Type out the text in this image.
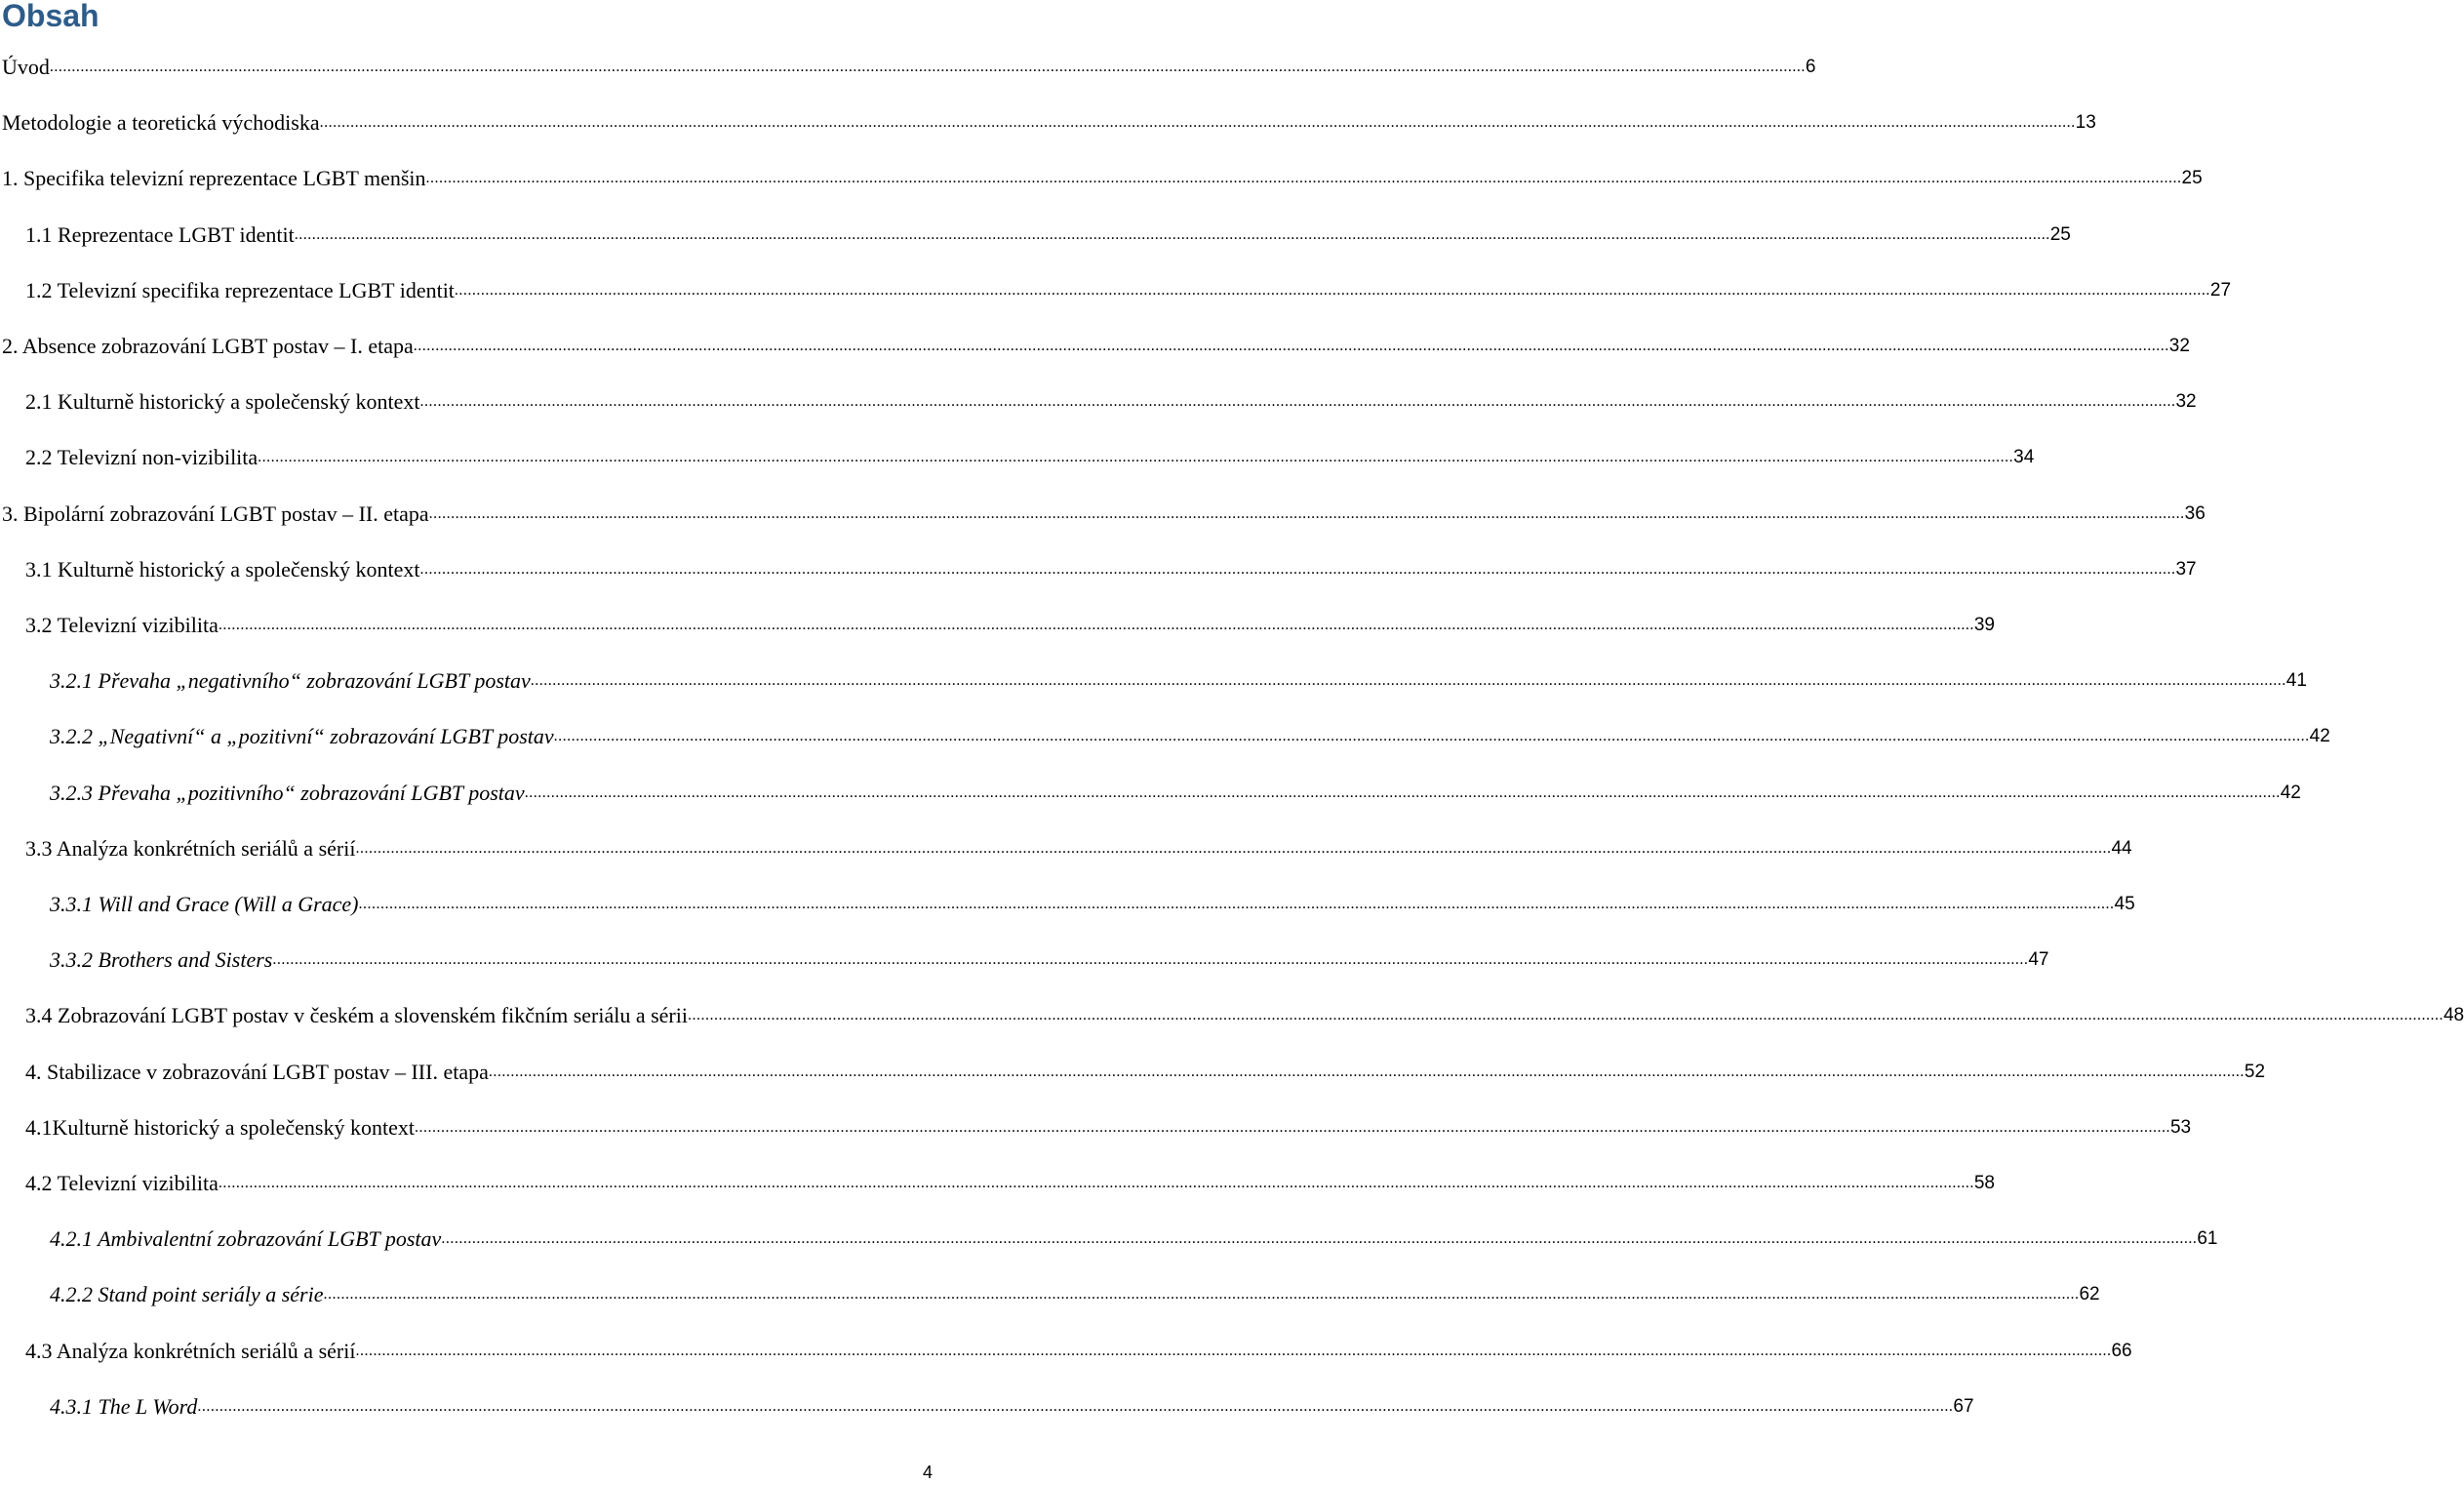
Obsah
Úvod ................................................................................................................................................................................................................................................................................................................................................................................................................ 6
Metodologie a teoretická východiska ................................................................................................................................................................................................................................................................................................................................................................................................................ 13
1. Specifika televizní reprezentace LGBT menšin ................................................................................................................................................................................................................................................................................................................................................................................................................ 25
1.1 Reprezentace LGBT identit ................................................................................................................................................................................................................................................................................................................................................................................................................ 25
1.2 Televizní specifika reprezentace LGBT identit ................................................................................................................................................................................................................................................................................................................................................................................................................ 27
2. Absence zobrazování LGBT postav – I. etapa ................................................................................................................................................................................................................................................................................................................................................................................................................ 32
2.1 Kulturně historický a společenský kontext ................................................................................................................................................................................................................................................................................................................................................................................................................ 32
2.2 Televizní non-vizibilita ................................................................................................................................................................................................................................................................................................................................................................................................................ 34
3. Bipolární zobrazování LGBT postav – II. etapa ................................................................................................................................................................................................................................................................................................................................................................................................................ 36
3.1 Kulturně historický a společenský kontext ................................................................................................................................................................................................................................................................................................................................................................................................................ 37
3.2 Televizní vizibilita ................................................................................................................................................................................................................................................................................................................................................................................................................ 39
3.2.1 Převaha „negativního“ zobrazování LGBT postav ................................................................................................................................................................................................................................................................................................................................................................................................................ 41
3.2.2 „Negativní“ a „pozitivní“ zobrazování LGBT postav ................................................................................................................................................................................................................................................................................................................................................................................................................ 42
3.2.3 Převaha „pozitivního“ zobrazování LGBT postav ................................................................................................................................................................................................................................................................................................................................................................................................................ 42
3.3 Analýza konkrétních seriálů a sérií ................................................................................................................................................................................................................................................................................................................................................................................................................ 44
3.3.1 Will and Grace (Will a Grace) ................................................................................................................................................................................................................................................................................................................................................................................................................ 45
3.3.2 Brothers and Sisters ................................................................................................................................................................................................................................................................................................................................................................................................................ 47
3.4 Zobrazování LGBT postav v českém a slovenském fikčním seriálu a sérii ................................................................................................................................................................................................................................................................................................................................................................................................................ 48
4. Stabilizace v zobrazování LGBT postav – III. etapa ................................................................................................................................................................................................................................................................................................................................................................................................................ 52
4.1Kulturně historický a společenský kontext ................................................................................................................................................................................................................................................................................................................................................................................................................ 53
4.2 Televizní vizibilita ................................................................................................................................................................................................................................................................................................................................................................................................................ 58
4.2.1 Ambivalentní zobrazování LGBT postav ................................................................................................................................................................................................................................................................................................................................................................................................................ 61
4.2.2 Stand point seriály a série ................................................................................................................................................................................................................................................................................................................................................................................................................ 62
4.3 Analýza konkrétních seriálů a sérií ................................................................................................................................................................................................................................................................................................................................................................................................................ 66
4.3.1 The L Word ................................................................................................................................................................................................................................................................................................................................................................................................................ 67
4
